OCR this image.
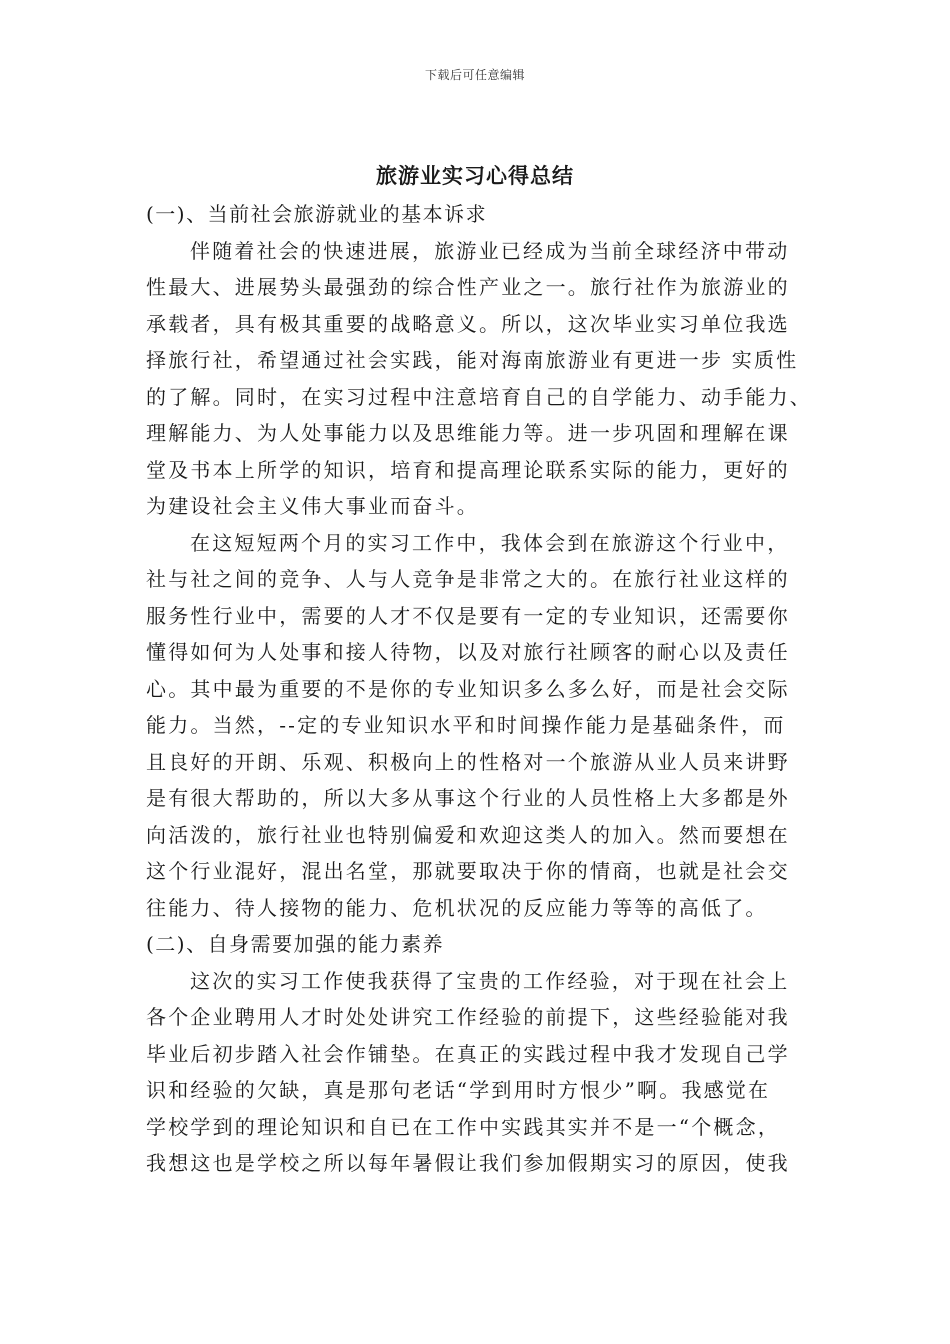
下载后可任意编辑
旅游业实习心得总结
(一)、当前社会旅游就业的基本诉求
伴随着社会的快速进展，旅游业已经成为当前全球经济中带动
性最大、进展势头最强劲的综合性产业之一。旅行社作为旅游业的
承载者，具有极其重要的战略意义。所以，这次毕业实习单位我选
择旅行社，希望通过社会实践，能对海南旅游业有更进一步 实质性
的了解。同时，在实习过程中注意培育自己的自学能力、动手能力、
理解能力、为人处事能力以及思维能力等。进一步巩固和理解在课
堂及书本上所学的知识，培育和提高理论联系实际的能力，更好的
为建设社会主义伟大事业而奋斗。
在这短短两个月的实习工作中，我体会到在旅游这个行业中，
社与社之间的竞争、人与人竞争是非常之大的。在旅行社业这样的
服务性行业中，需要的人才不仅是要有一定的专业知识，还需要你
懂得如何为人处事和接人待物，以及对旅行社顾客的耐心以及责任
心。其中最为重要的不是你的专业知识多么多么好，而是社会交际
能力。当然，--定的专业知识水平和时间操作能力是基础条件，而
且良好的开朗、乐观、积极向上的性格对一个旅游从业人员来讲野
是有很大帮助的，所以大多从事这个行业的人员性格上大多都是外
向活泼的，旅行社业也特别偏爱和欢迎这类人的加入。然而要想在
这个行业混好，混出名堂，那就要取决于你的情商，也就是社会交
往能力、待人接物的能力、危机状况的反应能力等等的高低了。
(二)、自身需要加强的能力素养
这次的实习工作使我获得了宝贵的工作经验，对于现在社会上
各个企业聘用人才时处处讲究工作经验的前提下，这些经验能对我
毕业后初步踏入社会作铺垫。在真正的实践过程中我才发现自己学
识和经验的欠缺，真是那句老话“学到用时方恨少”啊。我感觉在
学校学到的理论知识和自已在工作中实践其实并不是一“个概念，
我想这也是学校之所以每年暑假让我们参加假期实习的原因，使我
